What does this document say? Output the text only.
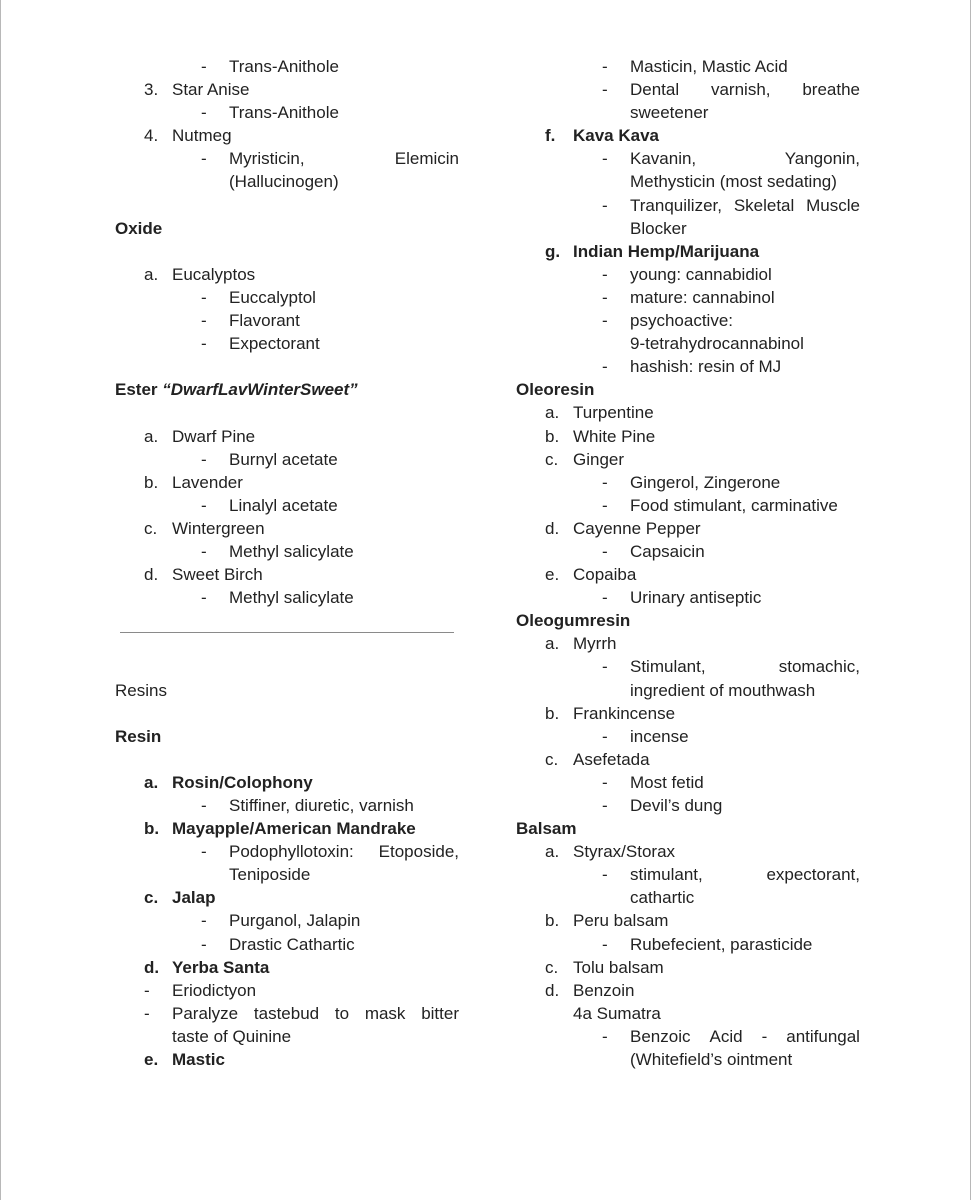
- Trans-Anithole
3. Star Anise
- Trans-Anithole
4. Nutmeg
- Myristicin,	Elemicin
(Hallucinogen)
Oxide
a. Eucalyptos
- Euccalyptol
- Flavorant
- Expectorant
Ester “DwarfLavWinterSweet”
a. Dwarf Pine
- Burnyl acetate
b. Lavender
- Linalyl acetate
c. Wintergreen
- Methyl salicylate
d. Sweet Birch
- Methyl salicylate
Resins
Resin
a. Rosin/Colophony
- Stiffiner, diuretic, varnish
b. Mayapple/American Mandrake
- Podophyllotoxin: Etoposide,
Teniposide
c. Jalap
- Purganol, Jalapin
- Drastic Cathartic
d. Yerba Santa
- Eriodictyon
- Paralyze tastebud to mask bitter
taste of Quinine
e. Mastic
- Masticin, Mastic Acid
- Dental varnish, breathe
sweetener
f. Kava Kava
- Kavanin,	Yangonin,
Methysticin (most sedating)
- Tranquilizer, Skeletal Muscle
Blocker
g. Indian Hemp/Marijuana
- young: cannabidiol
- mature: cannabinol
- psychoactive:
9-tetrahydrocannabinol
- hashish: resin of MJ
Oleoresin
a. Turpentine
b. White Pine
c. Ginger
- Gingerol, Zingerone
- Food stimulant, carminative
d. Cayenne Pepper
- Capsaicin
e. Copaiba
- Urinary antiseptic
Oleogumresin
a. Myrrh
- Stimulant,	stomachic,
ingredient of mouthwash
b. Frankincense
- incense
c. Asefetada
- Most fetid
- Devil’s dung
Balsam
a. Styrax/Storax
- stimulant,	expectorant,
cathartic
b. Peru balsam
- Rubefecient, parasticide
c. Tolu balsam
d. Benzoin
4a Sumatra
- Benzoic Acid - antifungal
(Whitefield’s ointment
